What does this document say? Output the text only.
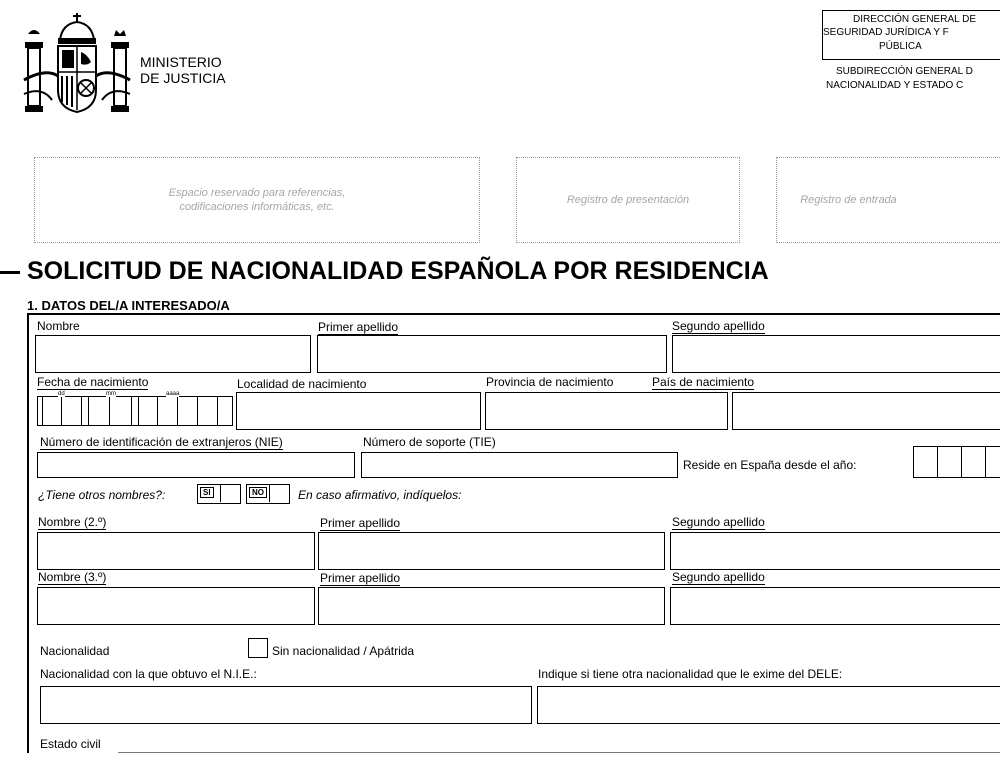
MINISTERIO
DE JUSTICIA
DIRECCIÓN GENERAL DE
SEGURIDAD JURÍDICA Y F
PÚBLICA
SUBDIRECCIÓN GENERAL D
NACIONALIDAD Y ESTADO C
Espacio reservado para referencias,
codificaciones informáticas, etc.
Registro de presentación	Registro de entrada
SOLICITUD DE NACIONALIDAD ESPAÑOLA POR RESIDENCIA
1. DATOS DEL/A INTERESADO/A
Nombre	Primer apellido	Segundo apellido
Fecha de nacimiento	Localidad de nacimiento	Provincia de nacimiento	País de nacimiento
dd	mm	aaaa
Número de identificación de extranjeros (NIE)	Número de soporte (TIE)
Reside en España desde el año:
¿Tiene otros nombres?:	SI	NO	En caso afirmativo, indíquelos:
Nombre (2.º)	Primer apellido	Segundo apellido
Nombre (3.º)	Primer apellido	Segundo apellido
Nacionalidad	Sin nacionalidad / Apátrida
Nacionalidad con la que obtuvo el N.I.E.:	Indique si tiene otra nacionalidad que le exime del DELE:
Estado civil
